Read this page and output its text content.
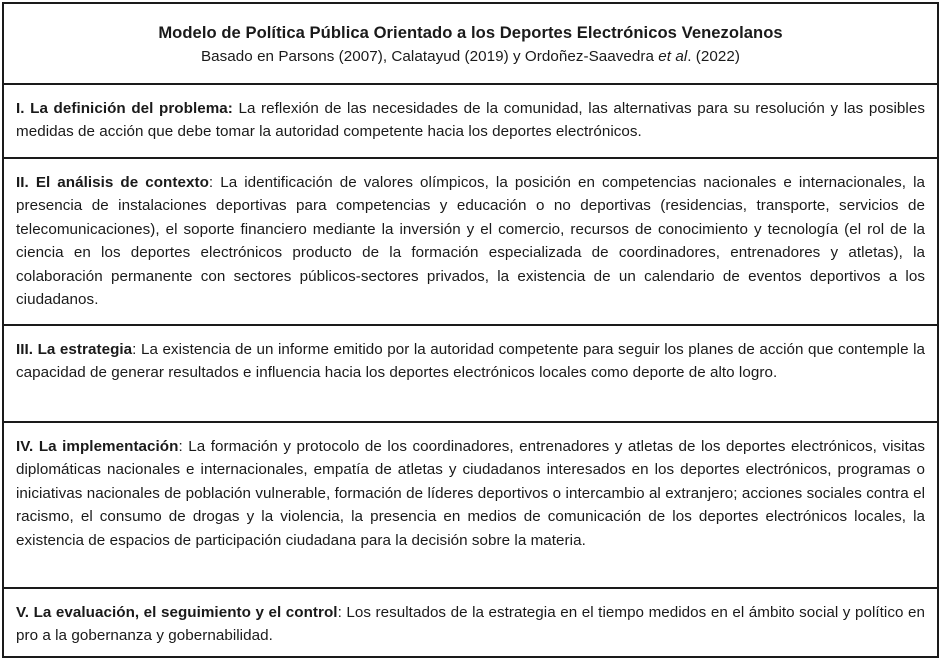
Modelo de Política Pública Orientado a los Deportes Electrónicos Venezolanos
Basado en Parsons (2007), Calatayud (2019) y Ordoñez-Saavedra et al. (2022)
I. La definición del problema: La reflexión de las necesidades de la comunidad, las alternativas para su resolución y las posibles medidas de acción que debe tomar la autoridad competente hacia los deportes electrónicos.
II. El análisis de contexto: La identificación de valores olímpicos, la posición en competencias nacionales e internacionales, la presencia de instalaciones deportivas para competencias y educación o no deportivas (residencias, transporte, servicios de telecomunicaciones), el soporte financiero mediante la inversión y el comercio, recursos de conocimiento y tecnología (el rol de la ciencia en los deportes electrónicos producto de la formación especializada de coordinadores, entrenadores y atletas), la colaboración permanente con sectores públicos-sectores privados, la existencia de un calendario de eventos deportivos a los ciudadanos.
III. La estrategia: La existencia de un informe emitido por la autoridad competente para seguir los planes de acción que contemple la capacidad de generar resultados e influencia hacia los deportes electrónicos locales como deporte de alto logro.
IV. La implementación: La formación y protocolo de los coordinadores, entrenadores y atletas de los deportes electrónicos, visitas diplomáticas nacionales e internacionales, empatía de atletas y ciudadanos interesados en los deportes electrónicos, programas o iniciativas nacionales de población vulnerable, formación de líderes deportivos o intercambio al extranjero; acciones sociales contra el racismo, el consumo de drogas y la violencia, la presencia en medios de comunicación de los deportes electrónicos locales, la existencia de espacios de participación ciudadana para la decisión sobre la materia.
V. La evaluación, el seguimiento y el control: Los resultados de la estrategia en el tiempo medidos en el ámbito social y político en pro a la gobernanza y gobernabilidad.
